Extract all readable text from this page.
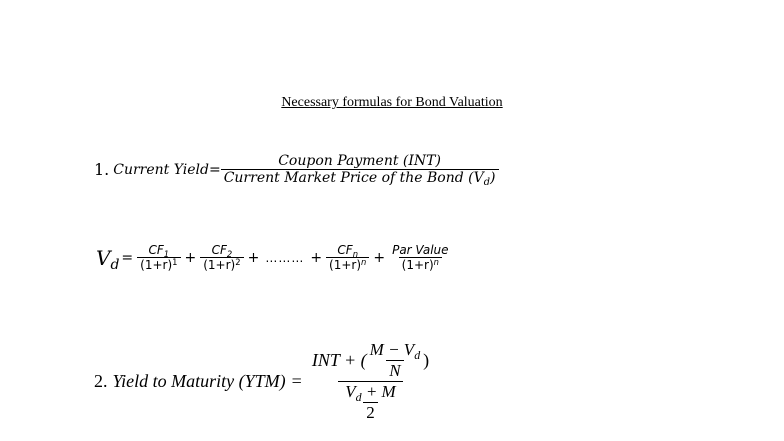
Necessary formulas for Bond Valuation
1. Current Yield = $\frac{\text{Coupon Payment (INT)}}{Current Market Price of the Bond (V_d)}$
$V_d = \frac{CF_1}{(1+r)^1} + \frac{CF_2}{(1+r)^2}$ + ……… + $\frac{CF_n}{(1+r)^n} + \frac{\text{Par Value}}{(1+r)^n}$
2. Yield to Maturity $(YTM) = \frac{INT + ( \frac{M - V_d}{N} )}{\frac{V_d + M}{2}}$
